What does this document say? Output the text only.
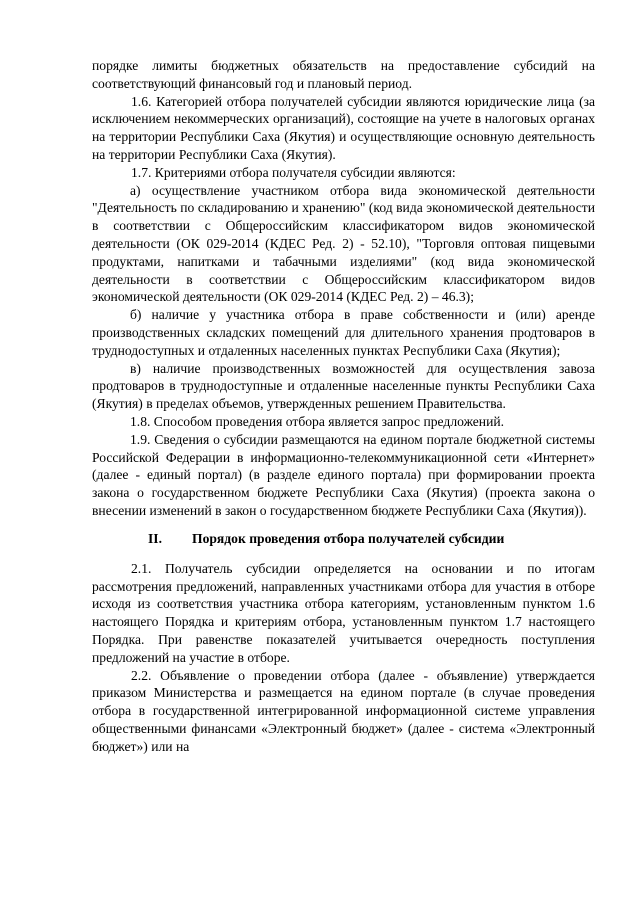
порядке лимиты бюджетных обязательств на предоставление субсидий на соответствующий финансовый год и плановый период.

1.6. Категорией отбора получателей субсидии являются юридические лица (за исключением некоммерческих организаций), состоящие на учете в налоговых органах на территории Республики Саха (Якутия) и осуществляющие основную деятельность на территории Республики Саха (Якутия).

1.7. Критериями отбора получателя субсидии являются:

а) осуществление участником отбора вида экономической деятельности "Деятельность по складированию и хранению" (код вида экономической деятельности в соответствии с Общероссийским классификатором видов экономической деятельности (ОК 029-2014 (КДЕС Ред. 2) - 52.10), "Торговля оптовая пищевыми продуктами, напитками и табачными изделиями" (код вида экономической деятельности в соответствии с Общероссийским классификатором видов экономической деятельности (ОК 029-2014 (КДЕС Ред. 2) – 46.3);

б) наличие у участника отбора в праве собственности и (или) аренде производственных складских помещений для длительного хранения продтоваров в труднодоступных и отдаленных населенных пунктах Республики Саха (Якутия);

в) наличие производственных возможностей для осуществления завоза продтоваров в труднодоступные и отдаленные населенные пункты Республики Саха (Якутия) в пределах объемов, утвержденных решением Правительства.

1.8. Способом проведения отбора является запрос предложений.

1.9. Сведения о субсидии размещаются на едином портале бюджетной системы Российской Федерации в информационно-телекоммуникационной сети «Интернет» (далее - единый портал) (в разделе единого портала) при формировании проекта закона о государственном бюджете Республики Саха (Якутия) (проекта закона о внесении изменений в закон о государственном бюджете Республики Саха (Якутия)).

II. Порядок проведения отбора получателей субсидии

2.1. Получатель субсидии определяется на основании и по итогам рассмотрения предложений, направленных участниками отбора для участия в отборе исходя из соответствия участника отбора категориям, установленным пунктом 1.6 настоящего Порядка и критериям отбора, установленным пунктом 1.7 настоящего Порядка. При равенстве показателей учитывается очередность поступления предложений на участие в отборе.

2.2. Объявление о проведении отбора (далее - объявление) утверждается приказом Министерства и размещается на едином портале (в случае проведения отбора в государственной интегрированной информационной системе управления общественными финансами «Электронный бюджет» (далее - система «Электронный бюджет») или на
